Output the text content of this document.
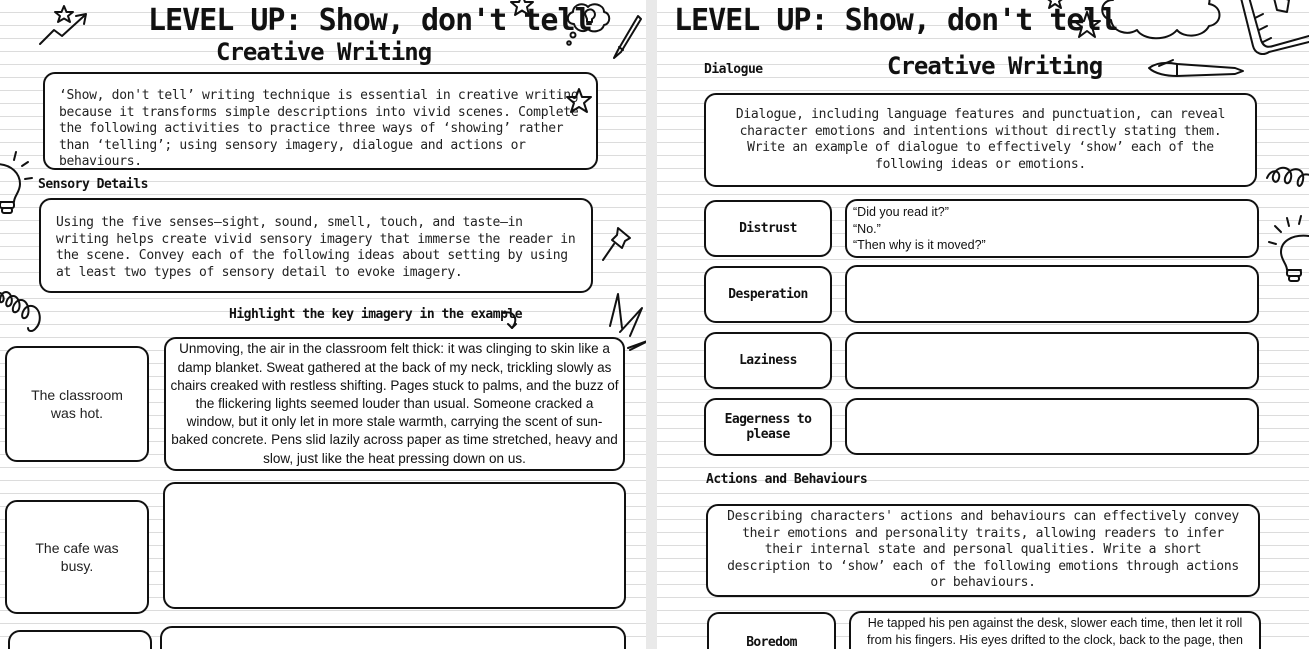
LEVEL UP: Show, don't tell
Creative Writing
‘Show, don't tell’ writing technique is essential in creative writing because it transforms simple descriptions into vivid scenes. Complete the following activities to practice three ways of ‘showing’ rather than ‘telling’; using sensory imagery, dialogue and actions or behaviours.
Sensory Details
Using the five senses—sight, sound, smell, touch, and taste—in writing helps create vivid sensory imagery that immerse the reader in the scene. Convey each of the following ideas about setting by using at least two types of sensory detail to evoke imagery.
Highlight the key imagery in the example
The classroom was hot.
Unmoving, the air in the classroom felt thick: it was clinging to skin like a damp blanket. Sweat gathered at the back of my neck, trickling slowly as chairs creaked with restless shifting. Pages stuck to palms, and the buzz of the flickering lights seemed louder than usual. Someone cracked a window, but it only let in more stale warmth, carrying the scent of sun-baked concrete. Pens slid lazily across paper as time stretched, heavy and slow, just like the heat pressing down on us.
The cafe was busy.
LEVEL UP: Show, don't tell
Dialogue	Creative Writing
Dialogue, including language features and punctuation, can reveal character emotions and intentions without directly stating them. Write an example of dialogue to effectively ‘show’ each of the following ideas or emotions.
Distrust
“Did you read it?”
“No.”
“Then why is it moved?”
Desperation
Laziness
Eagerness to please
Actions and Behaviours
Describing characters' actions and behaviours can effectively convey their emotions and personality traits, allowing readers to infer their internal state and personal qualities. Write a short description to ‘show’ each of the following emotions through actions or behaviours.
Boredom
He tapped his pen against the desk, slower each time, then let it roll from his fingers. His eyes drifted to the clock, back to the page, then
